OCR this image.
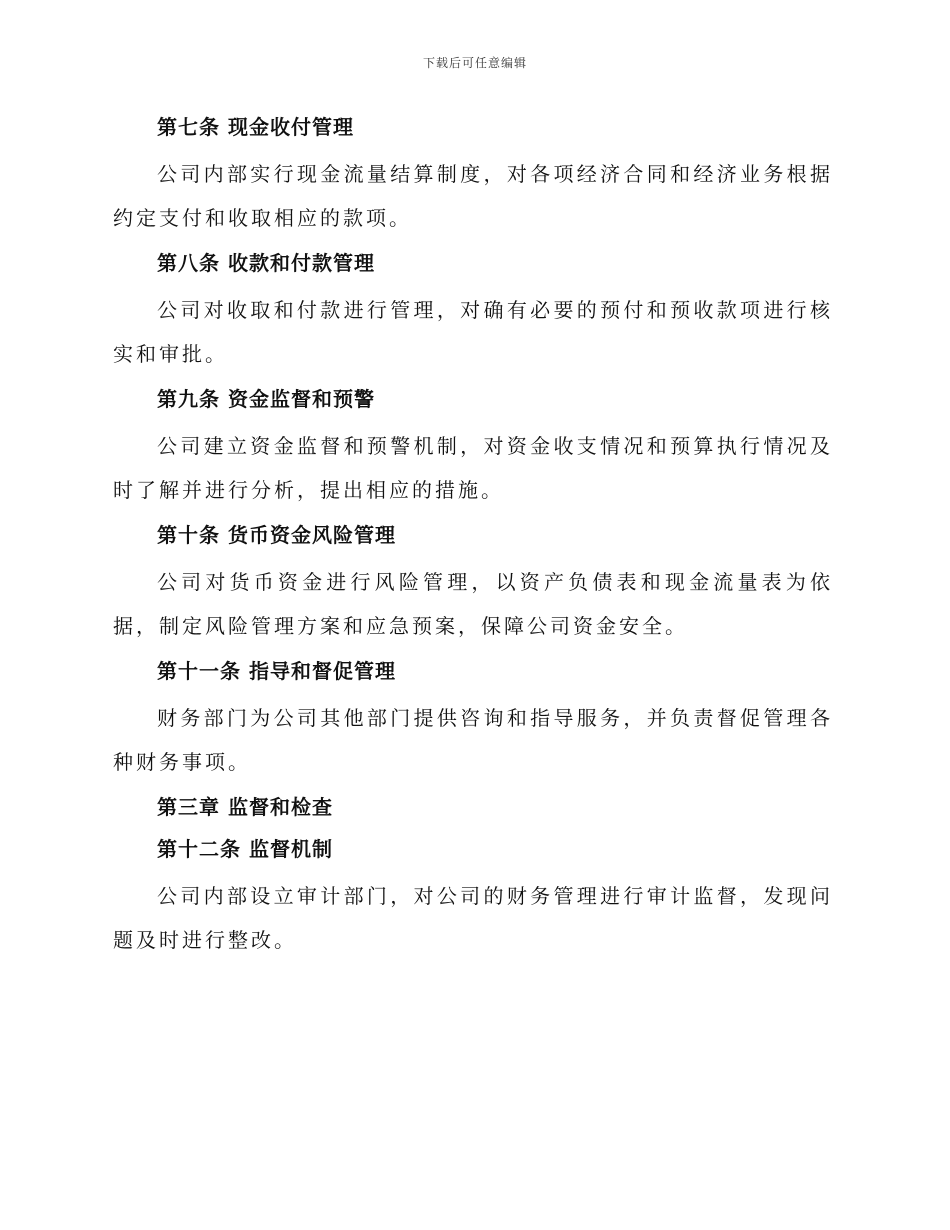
下载后可任意编辑
第七条 现金收付管理
公司内部实行现金流量结算制度，对各项经济合同和经济业务根据约定支付和收取相应的款项。
第八条 收款和付款管理
公司对收取和付款进行管理，对确有必要的预付和预收款项进行核实和审批。
第九条 资金监督和预警
公司建立资金监督和预警机制，对资金收支情况和预算执行情况及时了解并进行分析，提出相应的措施。
第十条 货币资金风险管理
公司对货币资金进行风险管理，以资产负债表和现金流量表为依据，制定风险管理方案和应急预案，保障公司资金安全。
第十一条 指导和督促管理
财务部门为公司其他部门提供咨询和指导服务，并负责督促管理各种财务事项。
第三章 监督和检查
第十二条 监督机制
公司内部设立审计部门，对公司的财务管理进行审计监督，发现问题及时进行整改。
